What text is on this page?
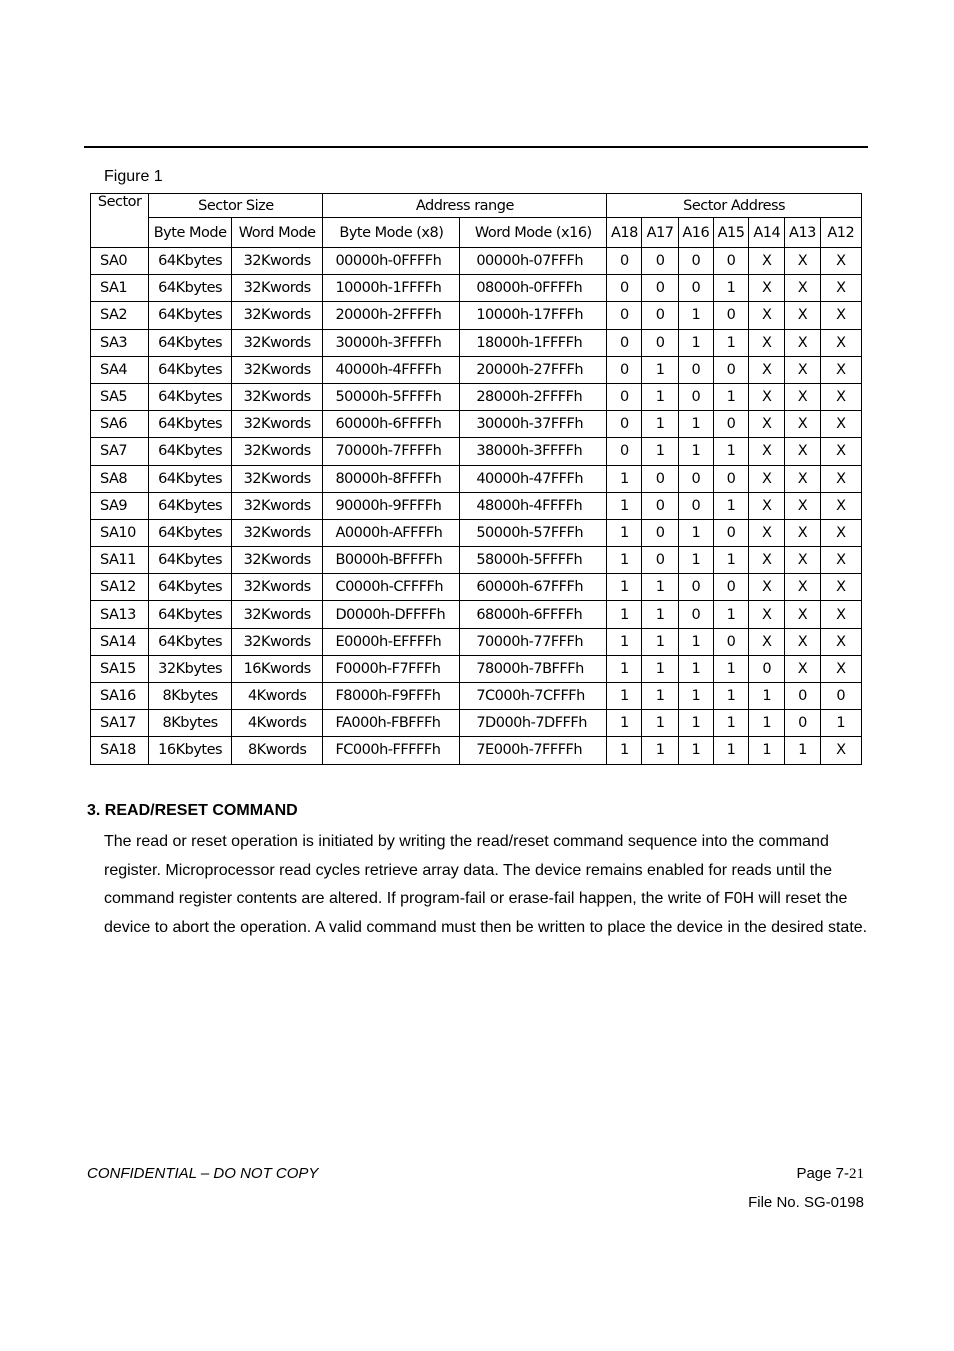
Figure 1
Sector	Sector Size		Address range		Sector Address						
	Byte Mode	Word Mode	Byte Mode (x8)	Word Mode (x16)	A18	A17	A16	A15	A14	A13	A12
SA0	64Kbytes	32Kwords	00000h-0FFFFh	00000h-07FFFh	0	0	0	0	X	X	X
SA1	64Kbytes	32Kwords	10000h-1FFFFh	08000h-0FFFFh	0	0	0	1	X	X	X
SA2	64Kbytes	32Kwords	20000h-2FFFFh	10000h-17FFFh	0	0	1	0	X	X	X
SA3	64Kbytes	32Kwords	30000h-3FFFFh	18000h-1FFFFh	0	0	1	1	X	X	X
SA4	64Kbytes	32Kwords	40000h-4FFFFh	20000h-27FFFh	0	1	0	0	X	X	X
SA5	64Kbytes	32Kwords	50000h-5FFFFh	28000h-2FFFFh	0	1	0	1	X	X	X
SA6	64Kbytes	32Kwords	60000h-6FFFFh	30000h-37FFFh	0	1	1	0	X	X	X
SA7	64Kbytes	32Kwords	70000h-7FFFFh	38000h-3FFFFh	0	1	1	1	X	X	X
SA8	64Kbytes	32Kwords	80000h-8FFFFh	40000h-47FFFh	1	0	0	0	X	X	X
SA9	64Kbytes	32Kwords	90000h-9FFFFh	48000h-4FFFFh	1	0	0	1	X	X	X
SA10	64Kbytes	32Kwords	A0000h-AFFFFh	50000h-57FFFh	1	0	1	0	X	X	X
SA11	64Kbytes	32Kwords	B0000h-BFFFFh	58000h-5FFFFh	1	0	1	1	X	X	X
SA12	64Kbytes	32Kwords	C0000h-CFFFFh	60000h-67FFFh	1	1	0	0	X	X	X
SA13	64Kbytes	32Kwords	D0000h-DFFFFh	68000h-6FFFFh	1	1	0	1	X	X	X
SA14	64Kbytes	32Kwords	E0000h-EFFFFh	70000h-77FFFh	1	1	1	0	X	X	X
SA15	32Kbytes	16Kwords	F0000h-F7FFFh	78000h-7BFFFh	1	1	1	1	0	X	X
SA16	8Kbytes	4Kwords	F8000h-F9FFFh	7C000h-7CFFFh	1	1	1	1	1	0	0
SA17	8Kbytes	4Kwords	FA000h-FBFFFh	7D000h-7DFFFh	1	1	1	1	1	0	1
SA18	16Kbytes	8Kwords	FC000h-FFFFFh	7E000h-7FFFFh	1	1	1	1	1	1	X
3. READ/RESET COMMAND
The read or reset operation is initiated by writing the read/reset command sequence into the command register. Microprocessor read cycles retrieve array data. The device remains enabled for reads until the command register contents are altered. If program-fail or erase-fail happen, the write of F0H will reset the device to abort the operation. A valid command must then be written to place the device in the desired state.
CONFIDENTIAL – DO NOT COPY	Page 7-21
File No. SG-0198
